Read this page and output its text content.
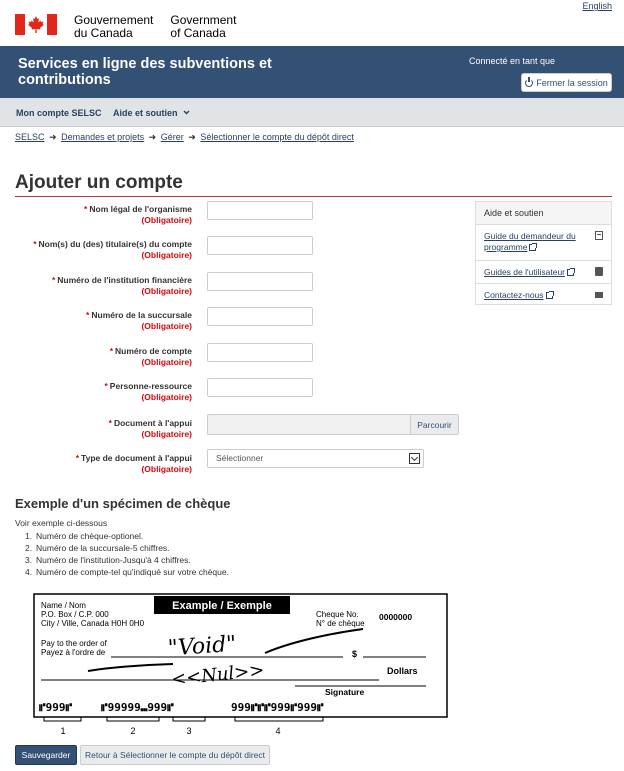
English
Gouvernement
du Canada
Government
of Canada
Services en ligne des subventions et contributions
Connecté en tant que
Fermer la session
Mon compte SELSC Aide et soutien
SELSC ➜ Demandes et projets ➜ Gérer ➜ Sélectionner le compte du dépôt direct
Ajouter un compte
* Nom légal de l'organisme
(Obligatoire)
* Nom(s) du (des) titulaire(s) du compte
(Obligatoire)
* Numéro de l'institution financière
(Obligatoire)
* Numéro de la succursale
(Obligatoire)
* Numéro de compte
(Obligatoire)
* Personne-ressource
(Obligatoire)
* Document à l'appui
(Obligatoire)
Parcourir
* Type de document à l'appui
(Obligatoire)
Sélectionner
Aide et soutien
Guide du demandeur du programme
Guides de l'utilisateur
Contactez-nous
Exemple d'un spécimen de chèque
Voir exemple ci-dessous
1. Numéro de chèque-optionel.
2. Numéro de la succursale-5 chiffres.
3. Numéro de l'institution-Jusqu'à 4 chiffres.
4. Numéro de compte-tel qu'indiqué sur votre chèque.
Name / Nom
P.O. Box / C.P. 000
City / Ville, Canada H0H 0H0
Example / Exemple
Cheque No.
N° de chèque
0000000
Pay to the order of
Payez à l'ordre de	$
Dollars
Signature
"Void"
<<Nul>>
⑈999⑈	⑈99999⑉999⑈	999⑈⑈⑈999⑈999⑈
1	2	3	4
Sauvegarder	Retour à Sélectionner le compte du dépôt direct
